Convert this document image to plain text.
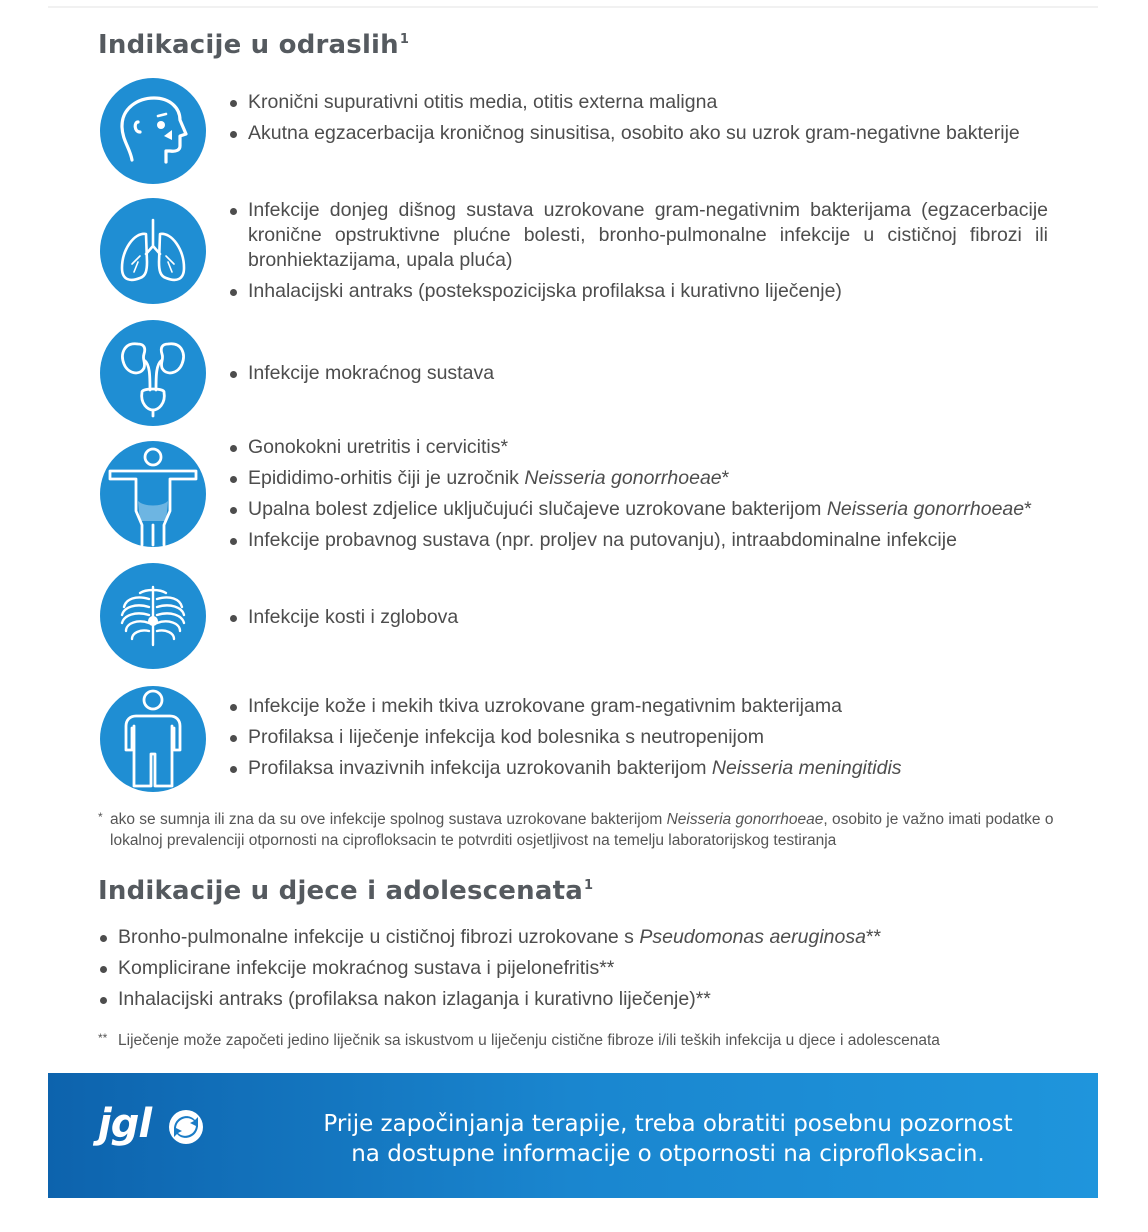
Indikacije u odraslih$^1$
Kronični supurativni otitis media, otitis externa maligna
Akutna egzacerbacija kroničnog sinusitisa, osobito ako su uzrok gram-negativne bakterije
Infekcije donjeg dišnog sustava uzrokovane gram-negativnim bakterijama (egzacerbacije kronične opstruktivne plućne bolesti, bronho-pulmonalne infekcije u cističnoj fibrozi ili bronhiektazijama, upala pluća)
Inhalacijski antraks (postekspozicijska profilaksa i kurativno liječenje)
Infekcije mokraćnog sustava
Gonokokni uretritis i cervicitis*
Epididimo-orhitis čiji je uzročnik Neisseria gonorrhoeae*
Upalna bolest zdjelice uključujući slučajeve uzrokovane bakterijom Neisseria gonorrhoeae*
Infekcije probavnog sustava (npr. proljev na putovanju), intraabdominalne infekcije
Infekcije kosti i zglobova
Infekcije kože i mekih tkiva uzrokovane gram-negativnim bakterijama
Profilaksa i liječenje infekcija kod bolesnika s neutropenijom
Profilaksa invazivnih infekcija uzrokovanih bakterijom Neisseria meningitidis
* ako se sumnja ili zna da su ove infekcije spolnog sustava uzrokovane bakterijom Neisseria gonorrhoeae, osobito je važno imati podatke o lokalnoj prevalenciji otpornosti na ciprofloksacin te potvrditi osjetljivost na temelju laboratorijskog testiranja
Indikacije u djece i adolescenata$^1$
Bronho-pulmonalne infekcije u cističnoj fibrozi uzrokovane s Pseudomonas aeruginosa**
Komplicirane infekcije mokraćnog sustava i pijelonefritis**
Inhalacijski antraks (profilaksa nakon izlaganja i kurativno liječenje)**
** Liječenje može započeti jedino liječnik sa iskustvom u liječenju cistične fibroze i/ili teških infekcija u djece i adolescenata
jgl	Prije započinjanja terapije, treba obratiti posebnu pozornost
na dostupne informacije o otpornosti na ciprofloksacin.
